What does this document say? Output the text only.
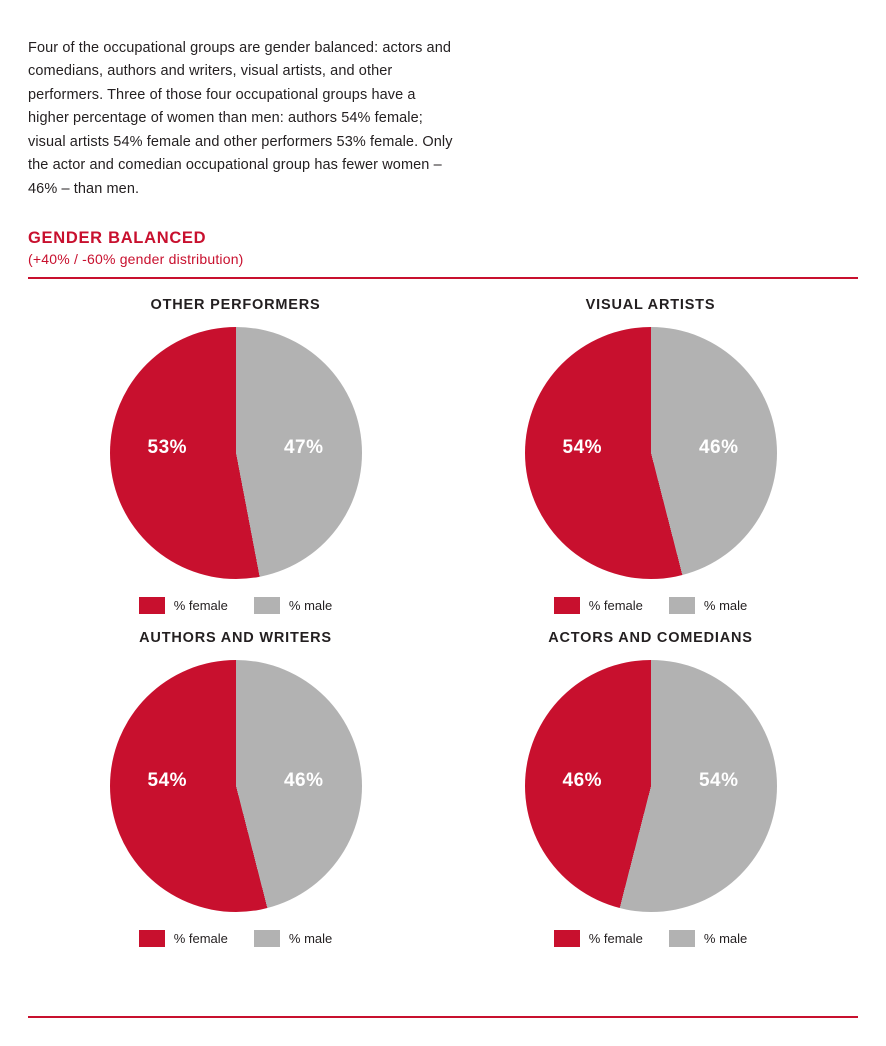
Four of the occupational groups are gender balanced: actors and comedians, authors and writers, visual artists, and other performers. Three of those four occupational groups have a higher percentage of women than men: authors 54% female; visual artists 54% female and other performers 53% female. Only the actor and comedian occupational group has fewer women – 46% – than men.

GENDER BALANCED
(+40% / -60% gender distribution)
OTHER PERFORMERS
53%	47%
% female	% male
VISUAL ARTISTS
54%	46%
% female	% male
AUTHORS AND WRITERS
54%	46%
% female	% male
ACTORS AND COMEDIANS
46%	54%
% female	% male
